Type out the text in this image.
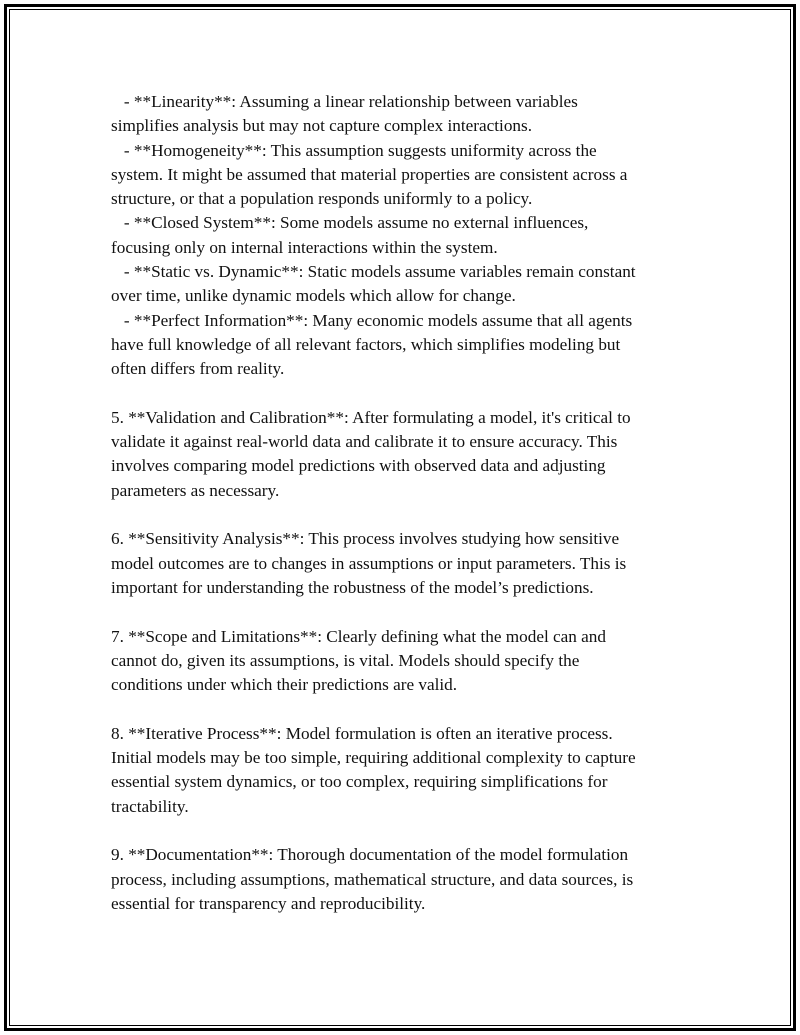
- **Linearity**: Assuming a linear relationship between variables
simplifies analysis but may not capture complex interactions.
- **Homogeneity**: This assumption suggests uniformity across the
system. It might be assumed that material properties are consistent across a
structure, or that a population responds uniformly to a policy.
- **Closed System**: Some models assume no external influences,
focusing only on internal interactions within the system.
- **Static vs. Dynamic**: Static models assume variables remain constant
over time, unlike dynamic models which allow for change.
- **Perfect Information**: Many economic models assume that all agents
have full knowledge of all relevant factors, which simplifies modeling but
often differs from reality.

5. **Validation and Calibration**: After formulating a model, it's critical to
validate it against real-world data and calibrate it to ensure accuracy. This
involves comparing model predictions with observed data and adjusting
parameters as necessary.

6. **Sensitivity Analysis**: This process involves studying how sensitive
model outcomes are to changes in assumptions or input parameters. This is
important for understanding the robustness of the model’s predictions.

7. **Scope and Limitations**: Clearly defining what the model can and
cannot do, given its assumptions, is vital. Models should specify the
conditions under which their predictions are valid.

8. **Iterative Process**: Model formulation is often an iterative process.
Initial models may be too simple, requiring additional complexity to capture
essential system dynamics, or too complex, requiring simplifications for
tractability.

9. **Documentation**: Thorough documentation of the model formulation
process, including assumptions, mathematical structure, and data sources, is
essential for transparency and reproducibility.
